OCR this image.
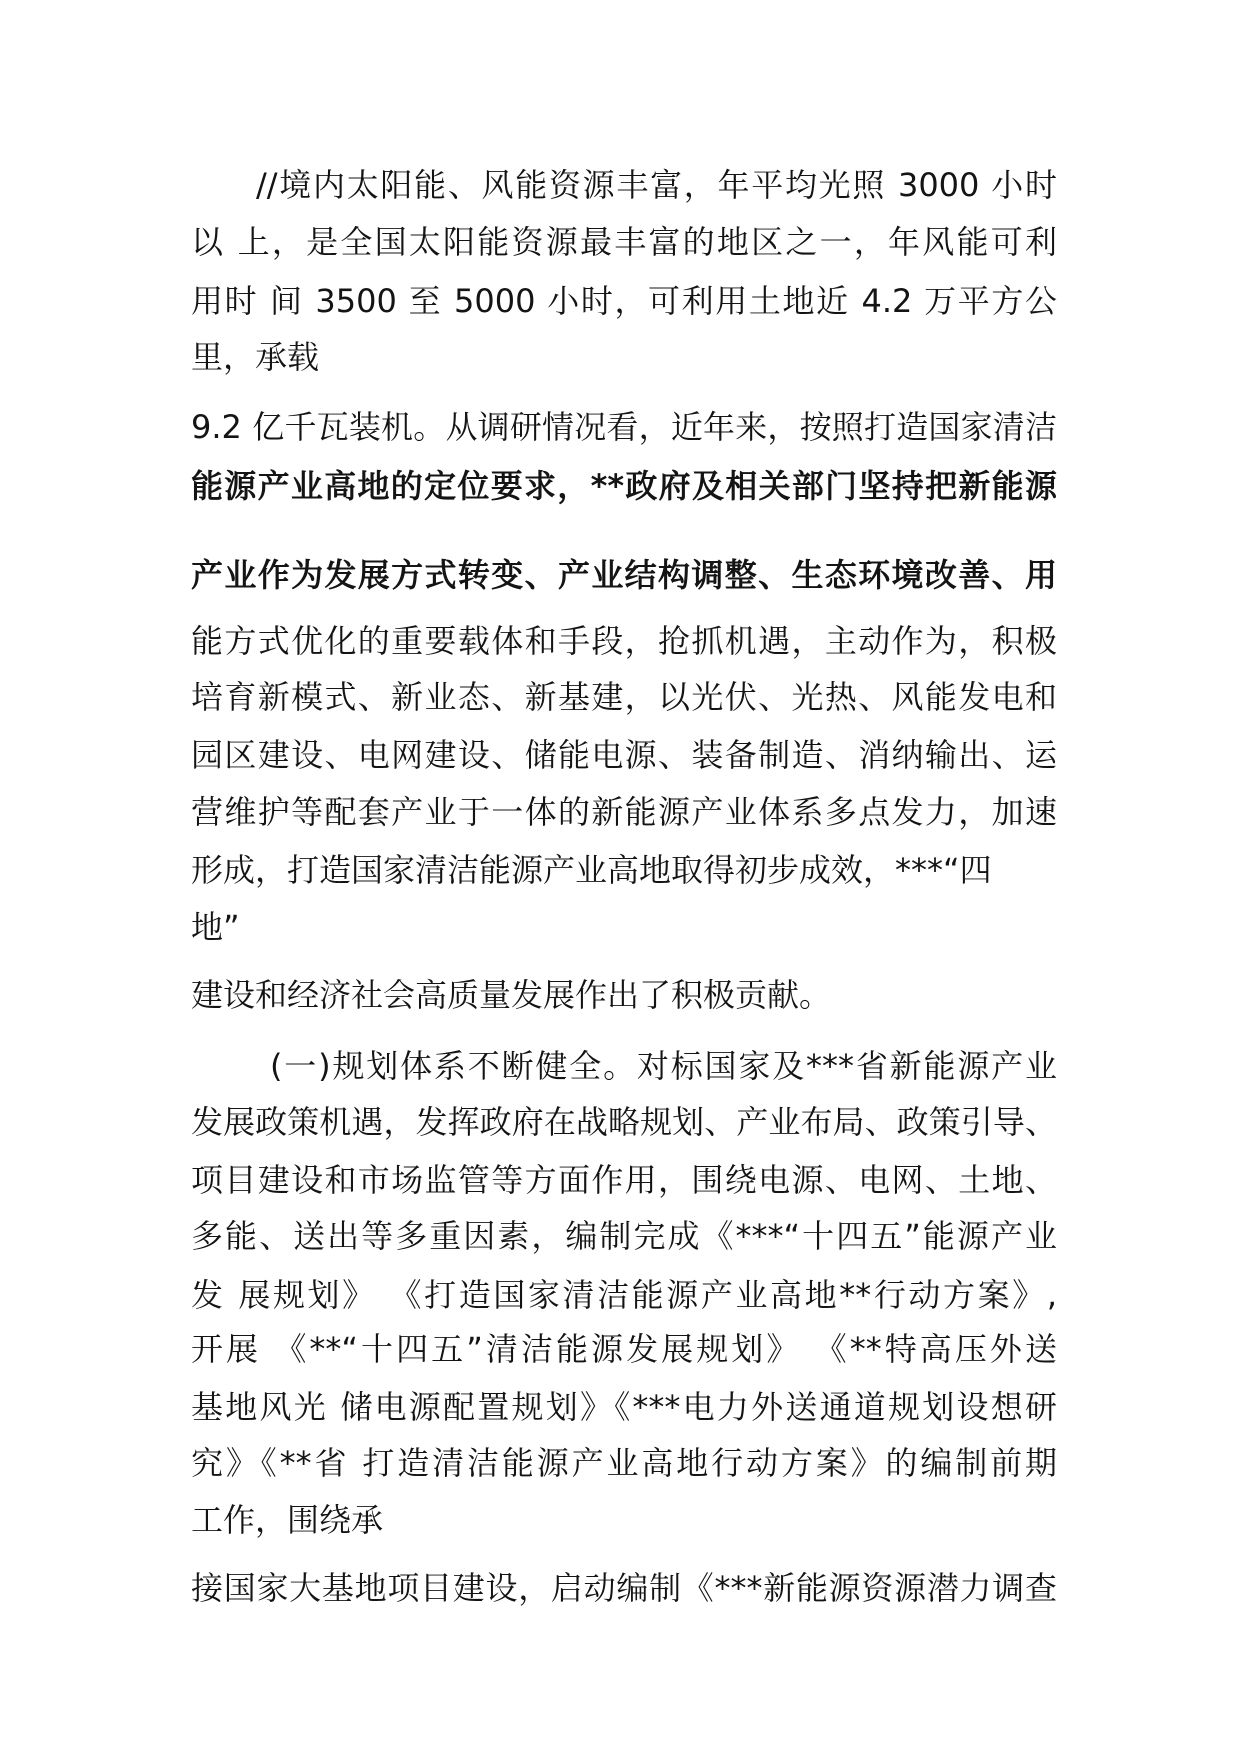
//境内太阳能、风能资源丰富，年平均光照 3000 小时
以 上，是全国太阳能资源最丰富的地区之一，年风能可利
用时 间 3500 至 5000 小时，可利用土地近 4.2 万平方公
里，承载
9.2 亿千瓦装机。从调研情况看，近年来，按照打造国家清洁
能源产业高地的定位要求，**政府及相关部门坚持把新能源
产业作为发展方式转变、产业结构调整、生态环境改善、用
能方式优化的重要载体和手段，抢抓机遇，主动作为，积极
培育新模式、新业态、新基建，以光伏、光热、风能发电和
园区建设、电网建设、储能电源、装备制造、消纳输出、运
营维护等配套产业于一体的新能源产业体系多点发力，加速
形成，打造国家清洁能源产业高地取得初步成效，***“四
地”
建设和经济社会高质量发展作出了积极贡献。
(一)规划体系不断健全。对标国家及***省新能源产业
发展政策机遇，发挥政府在战略规划、产业布局、政策引导、
项目建设和市场监管等方面作用，围绕电源、电网、土地、
多能、送出等多重因素，编制完成《***“十四五”能源产业
发 展规划》 《打造国家清洁能源产业高地**行动方案》,
开展 《**“十四五”清洁能源发展规划》 《**特高压外送
基地风光 储电源配置规划》《***电力外送通道规划设想研
究》《**省 打造清洁能源产业高地行动方案》的编制前期
工作，围绕承
接国家大基地项目建设，启动编制《***新能源资源潜力调查
